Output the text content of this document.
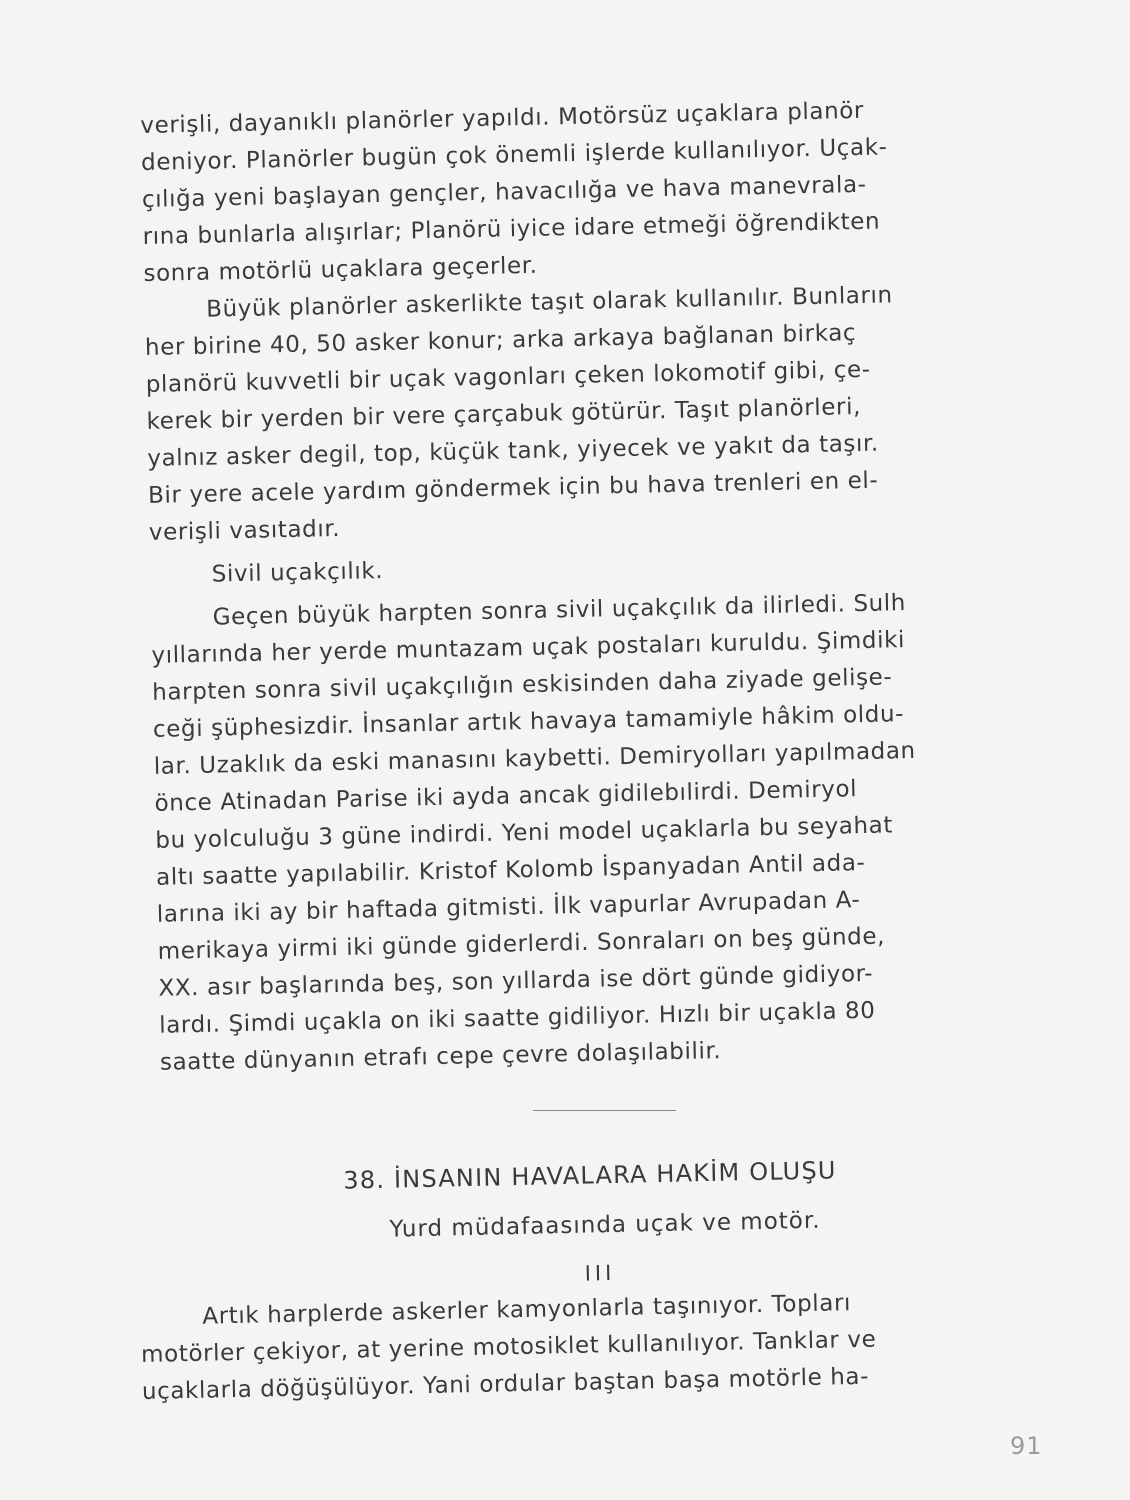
verişli, dayanıklı planörler yapıldı. Motörsüz uçaklara planör
deniyor. Planörler bugün çok önemli işlerde kullanılıyor. Uçak-
çılığa yeni başlayan gençler, havacılığa ve hava manevrala-
rına bunlarla alışırlar; Planörü iyice idare etmeği öğrendikten
sonra motörlü uçaklara geçerler.
Büyük planörler askerlikte taşıt olarak kullanılır. Bunların
her birine 40, 50 asker konur; arka arkaya bağlanan birkaç
planörü kuvvetli bir uçak vagonları çeken lokomotif gibi, çe-
kerek bir yerden bir vere çarçabuk götürür. Taşıt planörleri,
yalnız asker degil, top, küçük tank, yiyecek ve yakıt da taşır.
Bir yere acele yardım göndermek için bu hava trenleri en el-
verişli vasıtadır.
Sivil uçakçılık.
Geçen büyük harpten sonra sivil uçakçılık da ilirledi. Sulh
yıllarında her yerde muntazam uçak postaları kuruldu. Şimdiki
harpten sonra sivil uçakçılığın eskisinden daha ziyade gelişe-
ceği şüphesizdir. İnsanlar artık havaya tamamiyle hâkim oldu-
lar. Uzaklık da eski manasını kaybetti. Demiryolları yapılmadan
önce Atinadan Parise iki ayda ancak gidilebılirdi. Demiryol
bu yolculuğu 3 güne indirdi. Yeni model uçaklarla bu seyahat
altı saatte yapılabilir. Kristof Kolomb İspanyadan Antil ada-
larına iki ay bir haftada gitmisti. İlk vapurlar Avrupadan A-
merikaya yirmi iki günde giderlerdi. Sonraları on beş günde,
XX. asır başlarında beş, son yıllarda ise dört günde gidiyor-
lardı. Şimdi uçakla on iki saatte gidiliyor. Hızlı bir uçakla 80
saatte dünyanın etrafı cepe çevre dolaşılabilir.
38. İNSANIN HAVALARA HAKİM OLUŞU
Yurd müdafaasında uçak ve motör.
III
Artık harplerde askerler kamyonlarla taşınıyor. Topları
motörler çekiyor, at yerine motosiklet kullanılıyor. Tanklar ve
uçaklarla döğüşülüyor. Yani ordular baştan başa motörle ha-
91
